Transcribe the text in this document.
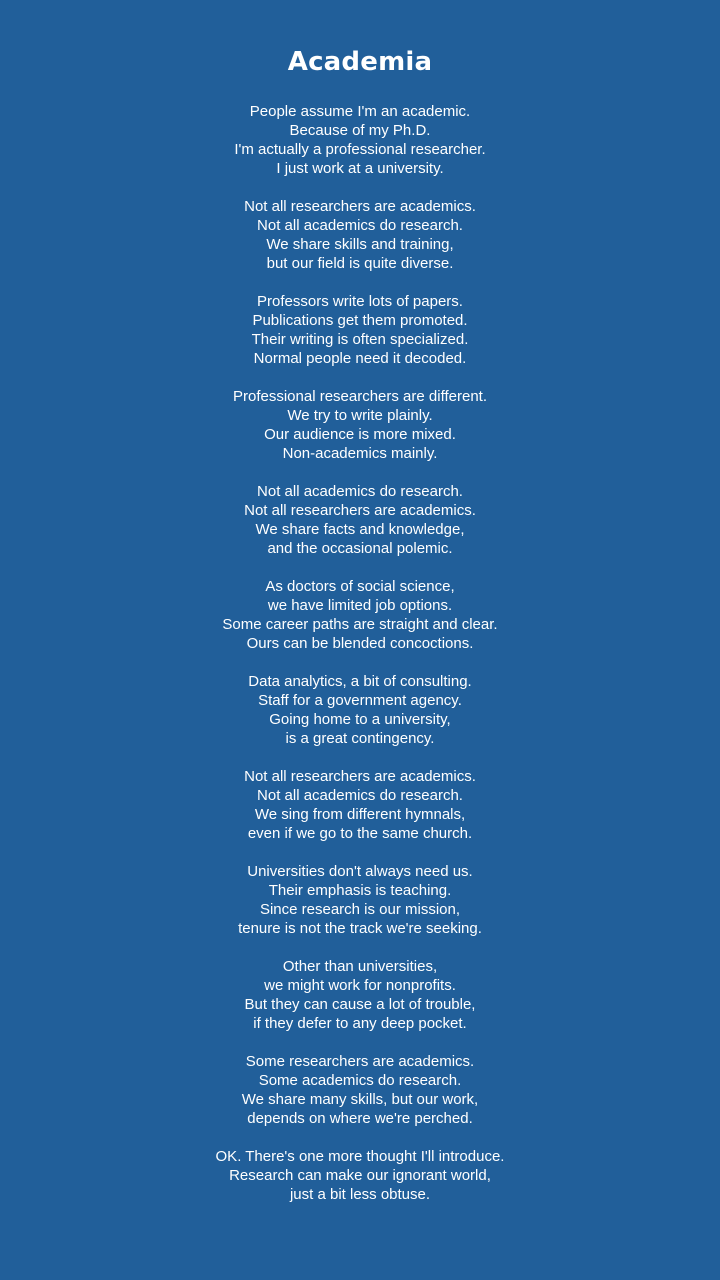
Academia
People assume I'm an academic.
Because of my Ph.D.
I'm actually a professional researcher.
I just work at a university.
Not all researchers are academics.
Not all academics do research.
We share skills and training,
but our field is quite diverse.
Professors write lots of papers.
Publications get them promoted.
Their writing is often specialized.
Normal people need it decoded.
Professional researchers are different.
We try to write plainly.
Our audience is more mixed.
Non-academics mainly.
Not all academics do research.
Not all researchers are academics.
We share facts and knowledge,
and the occasional polemic.
As doctors of social science,
we have limited job options.
Some career paths are straight and clear.
Ours can be blended concoctions.
Data analytics, a bit of consulting.
Staff for a government agency.
Going home to a university,
is a great contingency.
Not all researchers are academics.
Not all academics do research.
We sing from different hymnals,
even if we go to the same church.
Universities don't always need us.
Their emphasis is teaching.
Since research is our mission,
tenure is not the track we're seeking.
Other than universities,
we might work for nonprofits.
But they can cause a lot of trouble,
if they defer to any deep pocket.
Some researchers are academics.
Some academics do research.
We share many skills, but our work,
depends on where we're perched.
OK. There's one more thought I'll introduce.
Research can make our ignorant world,
just a bit less obtuse.
